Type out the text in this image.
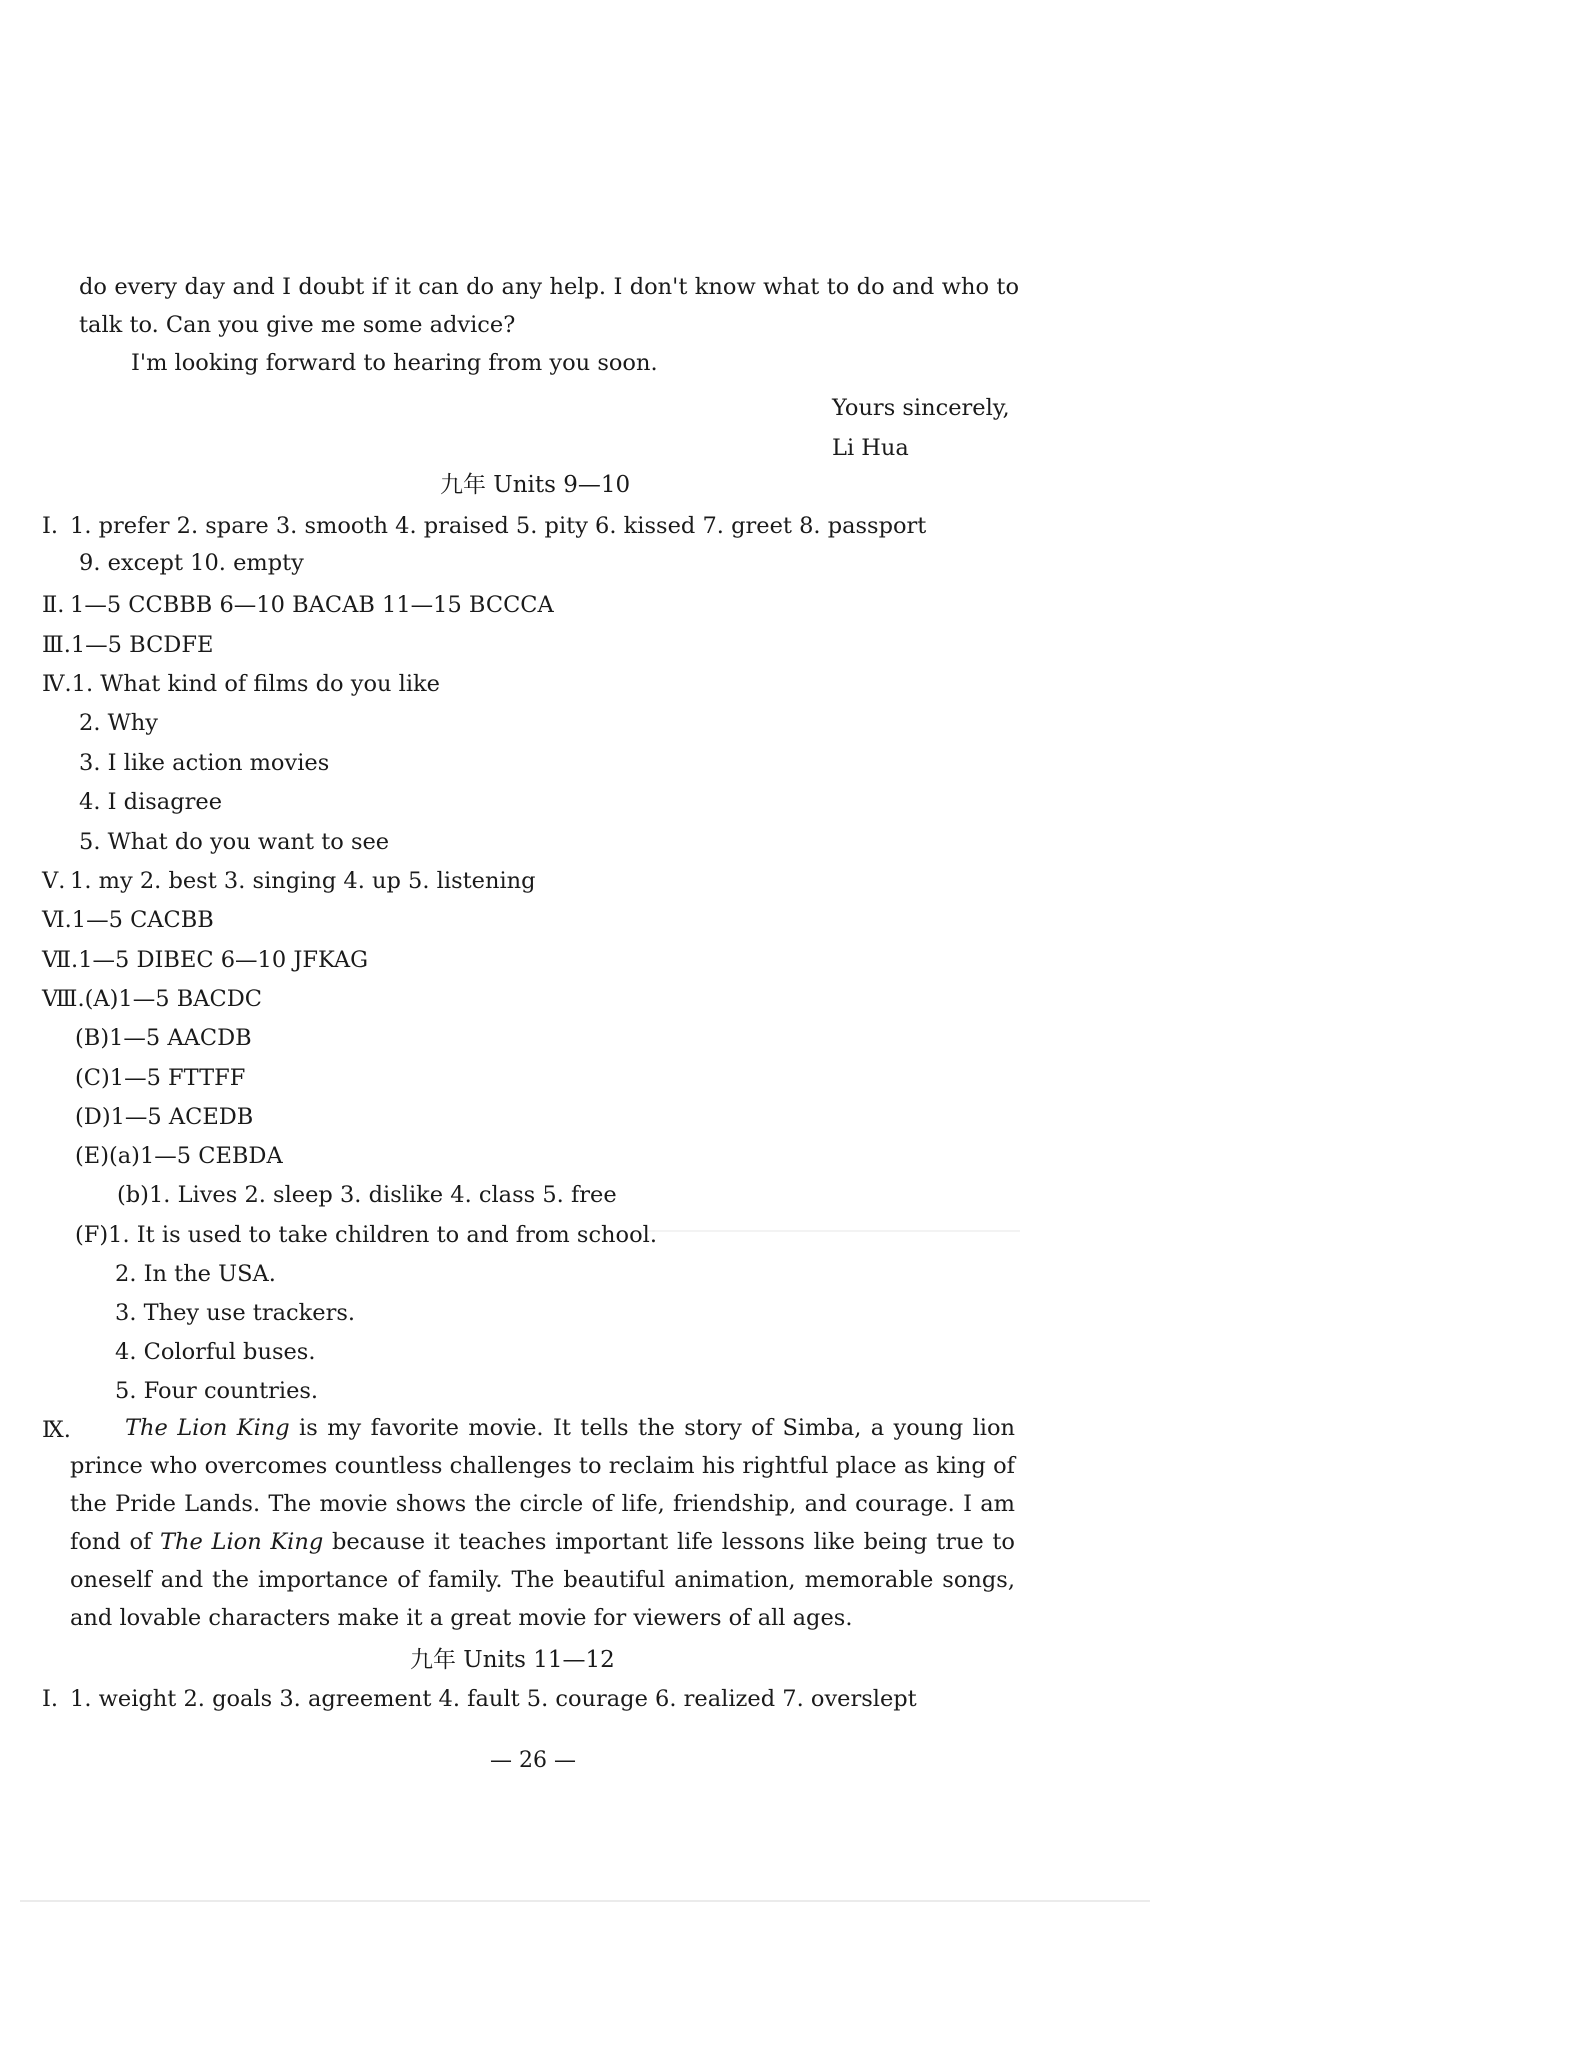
do every day and I doubt if it can do any help. I don't know what to do and who to talk to. Can you give me some advice?
I'm looking forward to hearing from you soon.
Yours sincerely,
Li Hua
九年 Units 9—10
Ⅰ. 1. prefer 2. spare 3. smooth 4. praised 5. pity 6. kissed 7. greet 8. passport
9. except 10. empty
Ⅱ. 1—5 CCBBB 6—10 BACAB 11—15 BCCCA
Ⅲ.1—5 BCDFE
Ⅳ.1. What kind of films do you like
2. Why
3. I like action movies
4. I disagree
5. What do you want to see
Ⅴ. 1. my 2. best 3. singing 4. up 5. listening
Ⅵ.1—5 CACBB
Ⅶ.1—5 DIBEC 6—10 JFKAG
Ⅷ.(A)1—5 BACDC
(B)1—5 AACDB
(C)1—5 FTTFF
(D)1—5 ACEDB
(E)(a)1—5 CEBDA
(b)1. Lives 2. sleep 3. dislike 4. class 5. free
(F)1. It is used to take children to and from school.
2. In the USA.
3. They use trackers.
4. Colorful buses.
5. Four countries.
Ⅸ.	The Lion King is my favorite movie. It tells the story of Simba, a young lion prince who overcomes countless challenges to reclaim his rightful place as king of the Pride Lands. The movie shows the circle of life, friendship, and courage. I am fond of The Lion King because it teaches important life lessons like being true to oneself and the importance of family. The beautiful animation, memorable songs, and lovable characters make it a great movie for viewers of all ages.
九年 Units 11—12
Ⅰ. 1. weight 2. goals 3. agreement 4. fault 5. courage 6. realized 7. overslept
— 26 —
